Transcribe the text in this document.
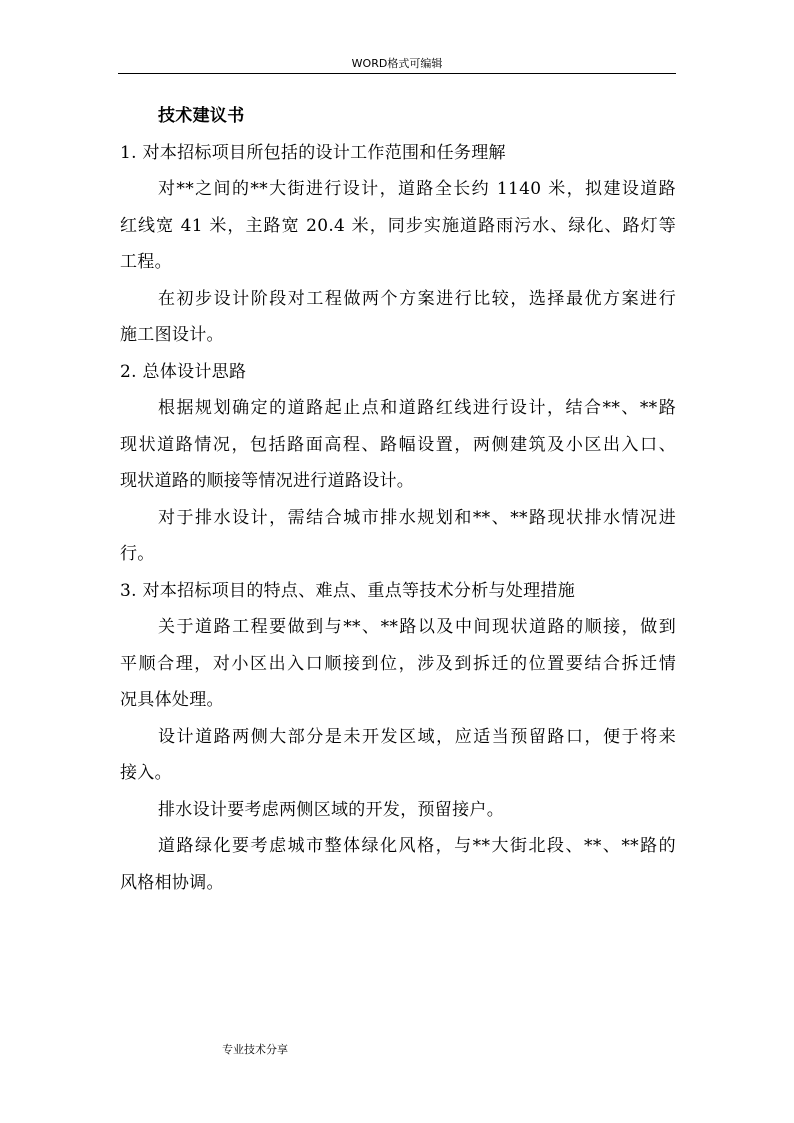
WORD格式可编辑
技术建议书
1. 对本招标项目所包括的设计工作范围和任务理解
对**之间的**大街进行设计，道路全长约 1140 米，拟建设道路
红线宽 41 米，主路宽 20.4 米，同步实施道路雨污水、绿化、路灯等
工程。
在初步设计阶段对工程做两个方案进行比较，选择最优方案进行
施工图设计。
2. 总体设计思路
根据规划确定的道路起止点和道路红线进行设计，结合**、**路
现状道路情况，包括路面高程、路幅设置，两侧建筑及小区出入口、
现状道路的顺接等情况进行道路设计。
对于排水设计，需结合城市排水规划和**、**路现状排水情况进
行。
3. 对本招标项目的特点、难点、重点等技术分析与处理措施
关于道路工程要做到与**、**路以及中间现状道路的顺接，做到
平顺合理，对小区出入口顺接到位，涉及到拆迁的位置要结合拆迁情
况具体处理。
设计道路两侧大部分是未开发区域，应适当预留路口，便于将来
接入。
排水设计要考虑两侧区域的开发，预留接户。
道路绿化要考虑城市整体绿化风格，与**大街北段、**、**路的
风格相协调。
专业技术分享
